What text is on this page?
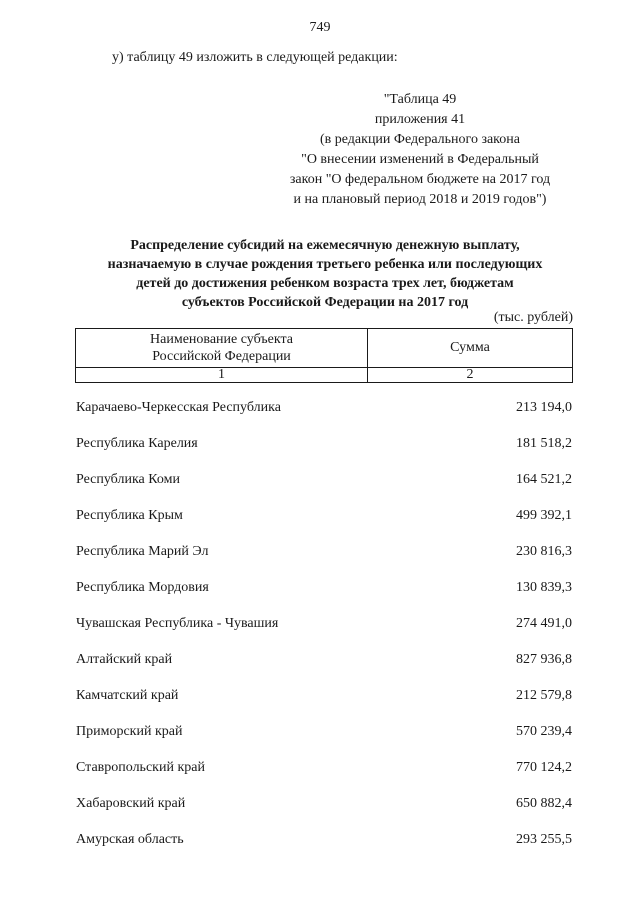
749
у) таблицу 49 изложить в следующей редакции:
"Таблица 49
приложения 41
(в редакции Федерального закона
"О внесении изменений в Федеральный
закон "О федеральном бюджете на 2017 год
и на плановый период 2018 и 2019 годов")
Распределение субсидий на ежемесячную денежную выплату,
назначаемую в случае рождения третьего ребенка или последующих
детей до достижения ребенком возраста трех лет, бюджетам
субъектов Российской Федерации на 2017 год
(тыс. рублей)
Наименование субъекта
Российской Федерации	Сумма
1	2
Карачаево-Черкесская Республика	213 194,0
Республика Карелия	181 518,2
Республика Коми	164 521,2
Республика Крым	499 392,1
Республика Марий Эл	230 816,3
Республика Мордовия	130 839,3
Чувашская Республика - Чувашия	274 491,0
Алтайский край	827 936,8
Камчатский край	212 579,8
Приморский край	570 239,4
Ставропольский край	770 124,2
Хабаровский край	650 882,4
Амурская область	293 255,5
